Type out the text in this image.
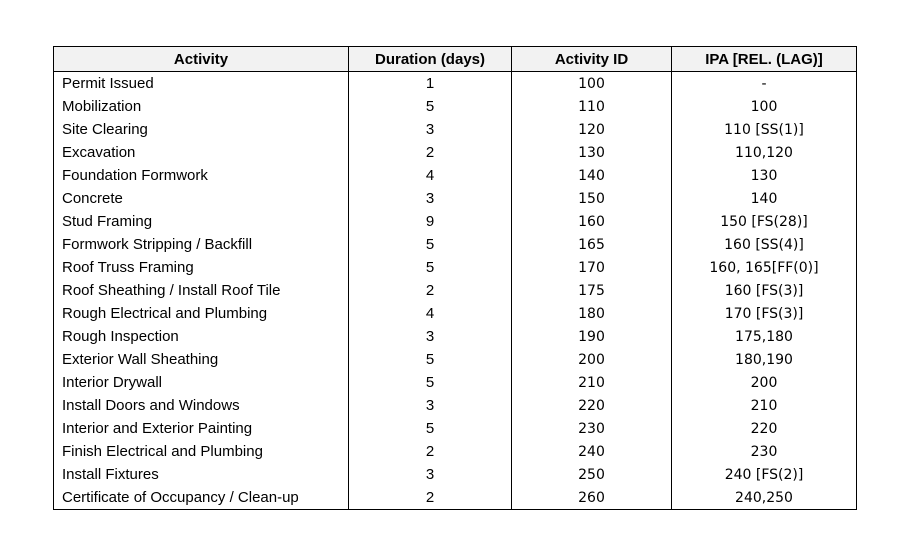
Activity	Duration (days)	Activity ID	IPA [REL. (LAG)]
Permit Issued	1	100	-
Mobilization	5	110	100
Site Clearing	3	120	110 [SS(1)]
Excavation	2	130	110,120
Foundation Formwork	4	140	130
Concrete	3	150	140
Stud Framing	9	160	150 [FS(28)]
Formwork Stripping / Backfill	5	165	160 [SS(4)]
Roof Truss Framing	5	170	160, 165[FF(0)]
Roof Sheathing / Install Roof Tile	2	175	160 [FS(3)]
Rough Electrical and Plumbing	4	180	170 [FS(3)]
Rough Inspection	3	190	175,180
Exterior Wall Sheathing	5	200	180,190
Interior Drywall	5	210	200
Install Doors and Windows	3	220	210
Interior and Exterior Painting	5	230	220
Finish Electrical and Plumbing	2	240	230
Install Fixtures	3	250	240 [FS(2)]
Certificate of Occupancy / Clean-up	2	260	240,250
